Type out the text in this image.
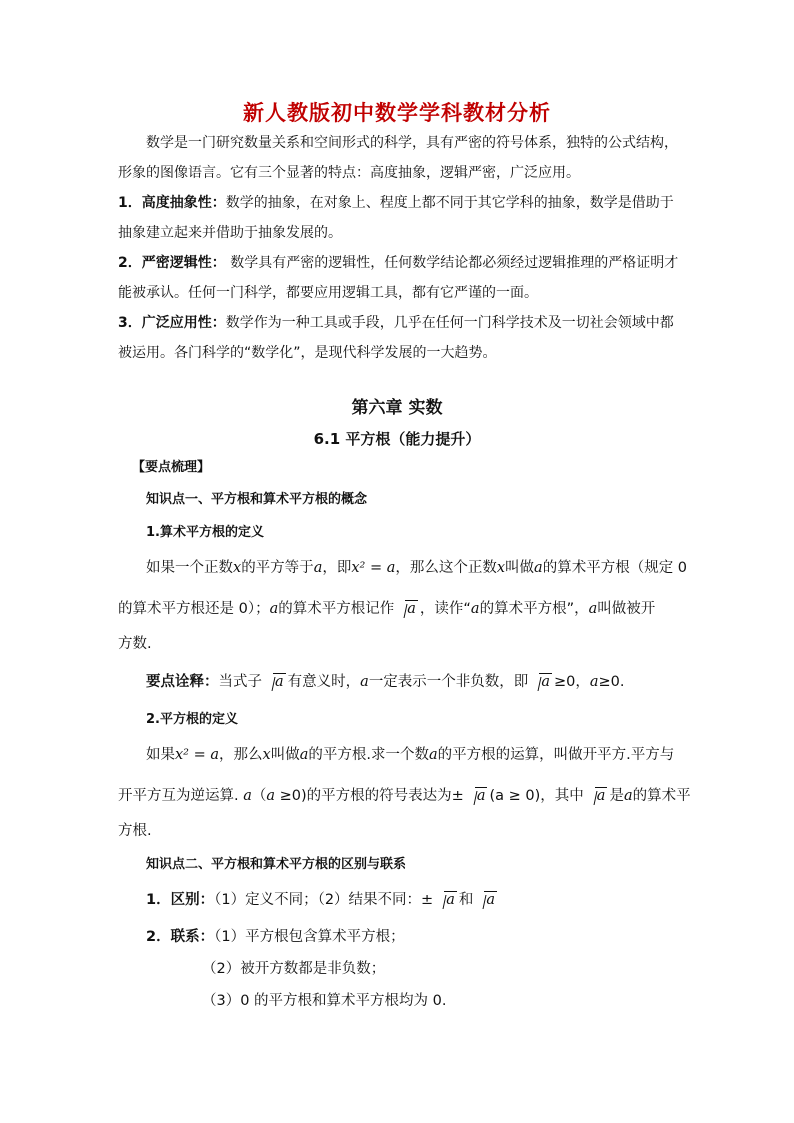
新人教版初中数学学科教材分析
数学是一门研究数量关系和空间形式的科学，具有严密的符号体系，独特的公式结构，
形象的图像语言。它有三个显著的特点：高度抽象，逻辑严密，广泛应用。
1．高度抽象性：数学的抽象，在对象上、程度上都不同于其它学科的抽象，数学是借助于
抽象建立起来并借助于抽象发展的。
2．严密逻辑性： 数学具有严密的逻辑性，任何数学结论都必须经过逻辑推理的严格证明才
能被承认。任何一门科学，都要应用逻辑工具，都有它严谨的一面。
3．广泛应用性：数学作为一种工具或手段，几乎在任何一门科学技术及一切社会领域中都
被运用。各门科学的“数学化”，是现代科学发展的一大趋势。
第六章 实数
6.1 平方根（能力提升）
【要点梳理】
知识点一、平方根和算术平方根的概念
1.算术平方根的定义
如果一个正数x的平方等于a，即x² = a，那么这个正数x叫做a的算术平方根（规定 0
的算术平方根还是 0）；a的算术平方根记作 a ，读作“a的算术平方根”，a叫做被开
方数.
要点诠释：当式子 a 有意义时，a一定表示一个非负数，即 a ≥0，a≥0.
2.平方根的定义
如果x² = a，那么x叫做a的平方根.求一个数a的平方根的运算，叫做开平方.平方与
开平方互为逆运算. a（a ≥0)的平方根的符号表达为± a (a ≥ 0)，其中 a 是a的算术平
方根.
知识点二、平方根和算术平方根的区别与联系
1．区别：（1）定义不同；（2）结果不同：± a 和 a
2．联系：（1）平方根包含算术平方根；
（2）被开方数都是非负数；
（3）0 的平方根和算术平方根均为 0.
